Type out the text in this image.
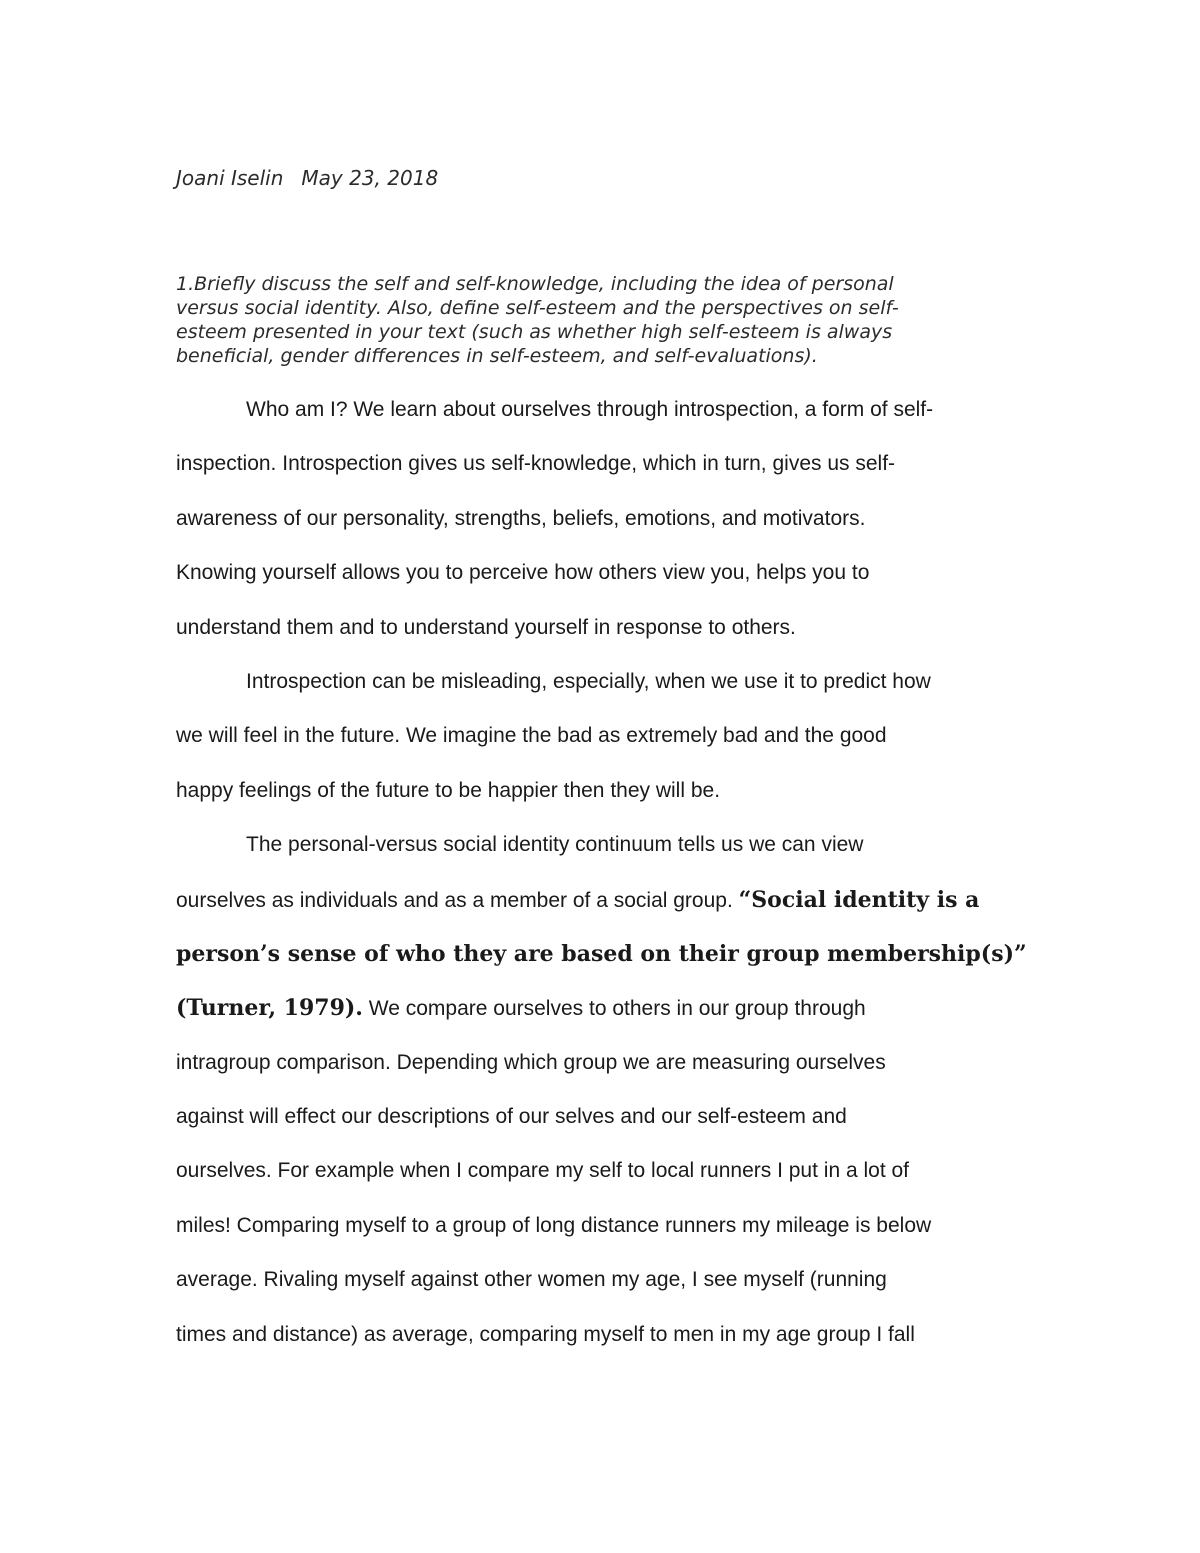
Joani Iselin May 23, 2018
1.Briefly discuss the self and self-knowledge, including the idea of personal
versus social identity. Also, define self-esteem and the perspectives on self-
esteem presented in your text (such as whether high self-esteem is always
beneficial, gender differences in self-esteem, and self-evaluations).
Who am I? We learn about ourselves through introspection, a form of self-
inspection. Introspection gives us self-knowledge, which in turn, gives us self-
awareness of our personality, strengths, beliefs, emotions, and motivators.
Knowing yourself allows you to perceive how others view you, helps you to
understand them and to understand yourself in response to others.
Introspection can be misleading, especially, when we use it to predict how
we will feel in the future. We imagine the bad as extremely bad and the good
happy feelings of the future to be happier then they will be.
The personal-versus social identity continuum tells us we can view
ourselves as individuals and as a member of a social group. “Social identity is a
person’s sense of who they are based on their group membership(s)”
(Turner, 1979). We compare ourselves to others in our group through
intragroup comparison. Depending which group we are measuring ourselves
against will effect our descriptions of our selves and our self-esteem and
ourselves. For example when I compare my self to local runners I put in a lot of
miles! Comparing myself to a group of long distance runners my mileage is below
average. Rivaling myself against other women my age, I see myself (running
times and distance) as average, comparing myself to men in my age group I fall
